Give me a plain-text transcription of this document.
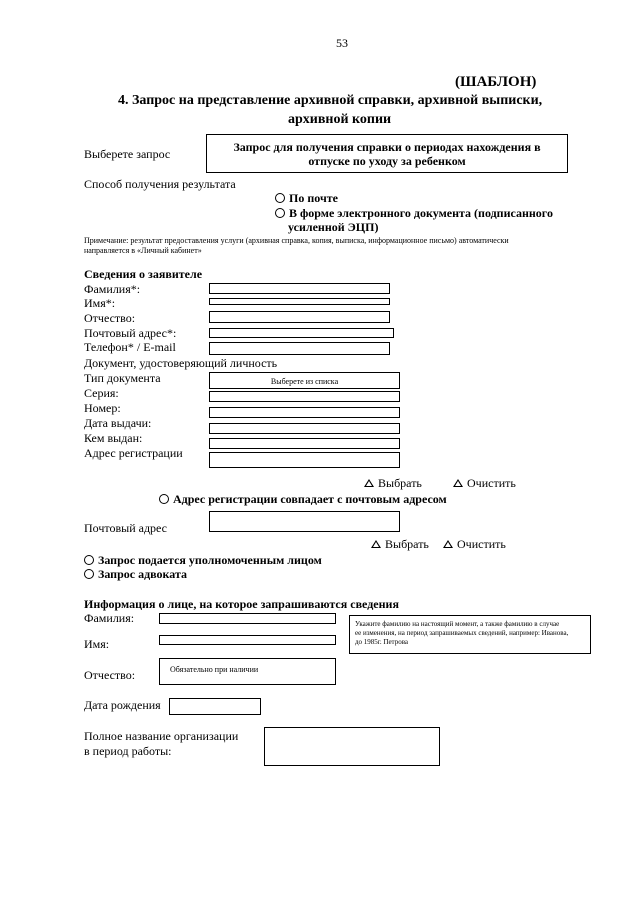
53
(ШАБЛОН)
4. Запрос на представление архивной справки, архивной выписки,
архивной копии
Выберете запрос	Запрос для получения справки о периодах нахождения в
отпуске по уходу за ребенком
Способ получения результата
По почте
В форме электронного документа (подписанного
усиленной ЭЦП)
Примечание: результат предоставления услуги (архивная справка, копия, выписка, информационное письмо) автоматически
направляется в «Личный кабинет»
Сведения о заявителе
Фамилия*:
Имя*:
Отчество:
Почтовый адрес*:
Телефон* / E-mail
Документ, удостоверяющий личность
Тип документа	Выберете из списка
Серия:
Номер:
Дата выдачи:
Кем выдан:
Адрес регистрации
Выбрать	Очистить
Адрес регистрации совпадает с почтовым адресом
Почтовый адрес
Выбрать	Очистить
Запрос подается уполномоченным лицом
Запрос адвоката
Информация о лице, на которое запрашиваются сведения
Фамилия:
Имя:
Укажите фамилию на настоящий момент, а также фамилию в случае
ее изменения, на период запрашиваемых сведений, например: Иванова,
до 1985г. Петрова
Отчество:	Обязательно при наличии
Дата рождения
Полное название организации
в период работы:
